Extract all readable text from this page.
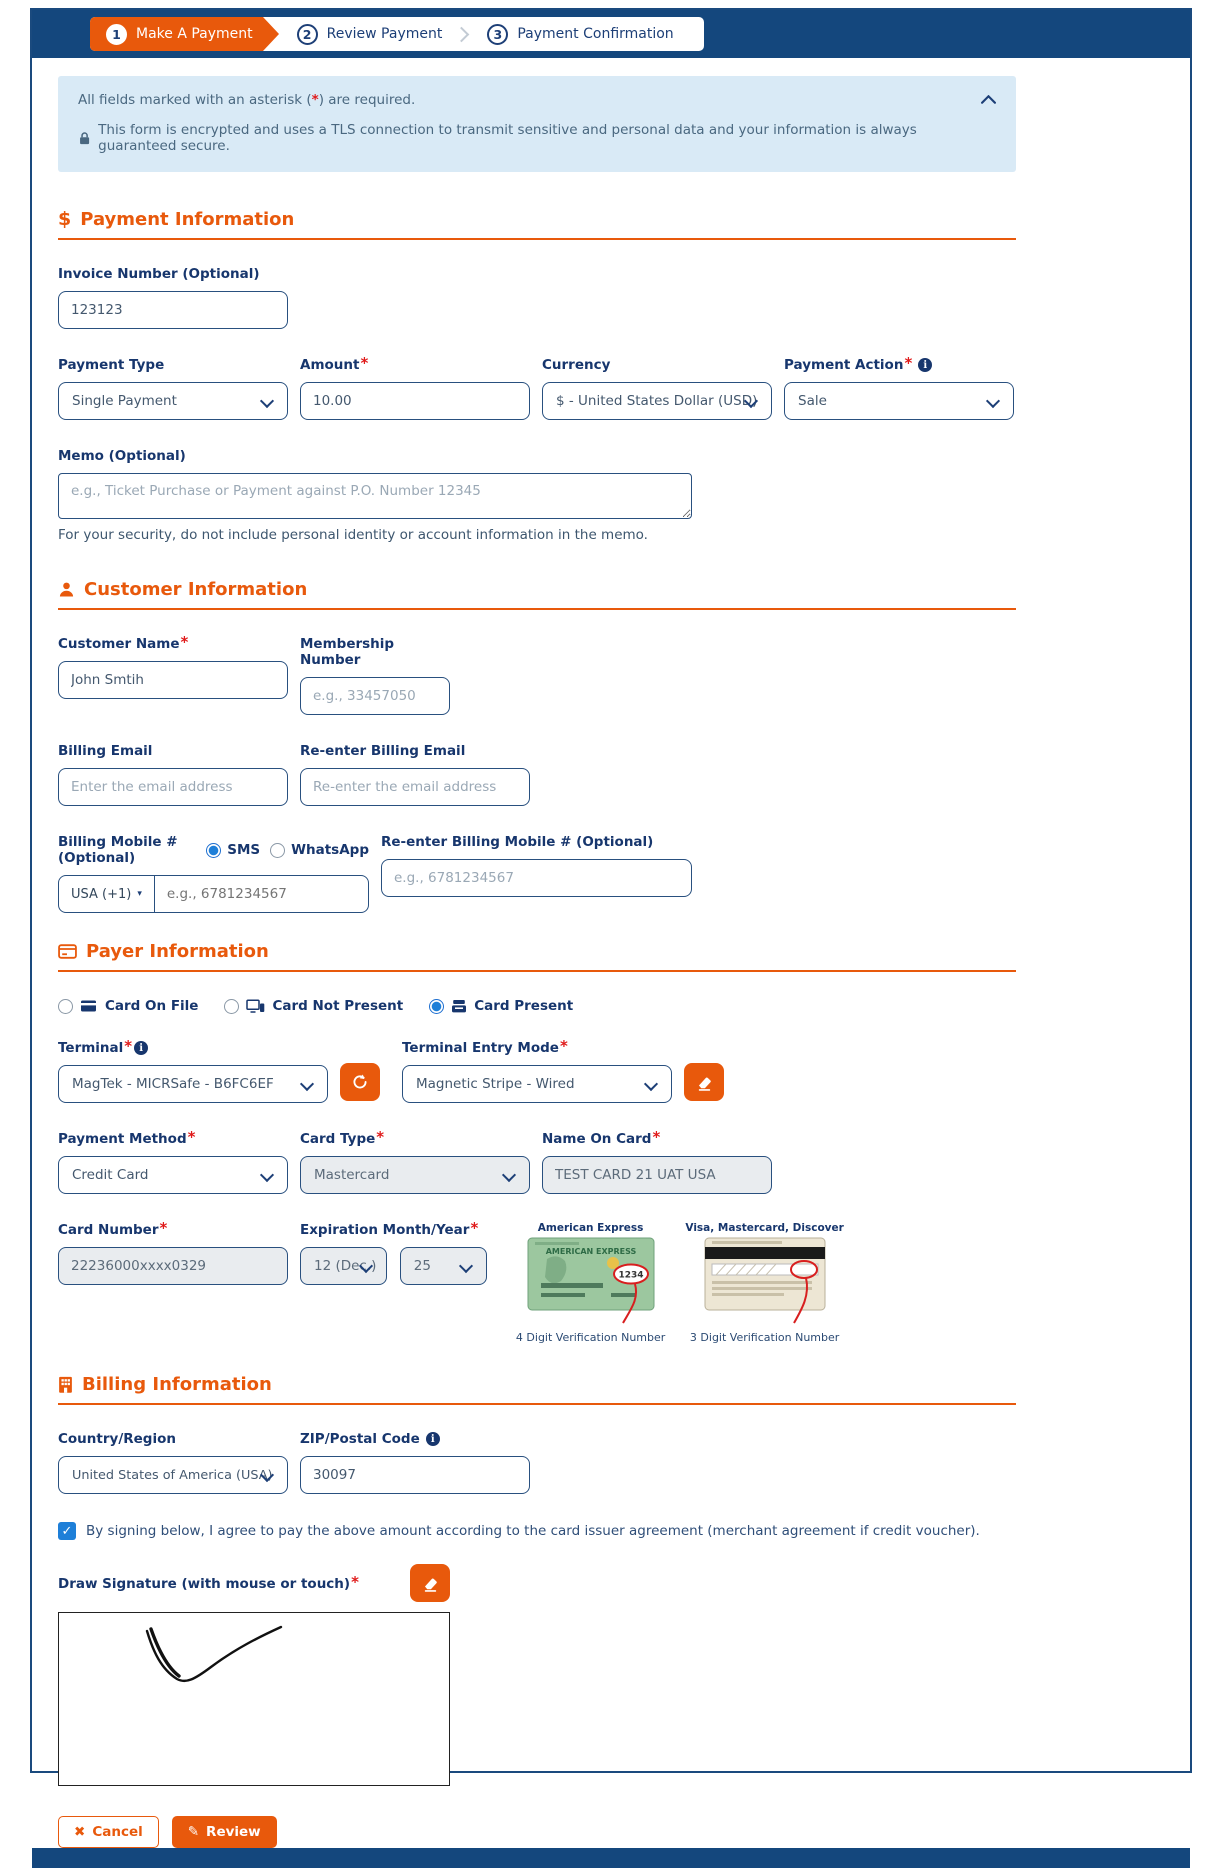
1	Make A Payment	2	Review Payment	3	Payment Confirmation
All fields marked with an asterisk (*) are required.
This form is encrypted and uses a TLS connection to transmit sensitive and personal data and your information is always guaranteed secure.
$ Payment Information
Invoice Number (Optional)
123123
Payment Type
Single Payment
Amount *
10.00	Currency
$ - United States Dollar (USD)
Payment Action *	i
Sale
Memo (Optional)
e.g., Ticket Purchase or Payment against P.O. Number 12345
For your security, do not include personal identity or account information in the memo.
Customer Information
Customer Name *
John Smtih	Membership Number
e.g., 33457050
Billing Email
Enter the email address	Re-enter Billing Email
Re-enter the email address
Billing Mobile # (Optional)	SMS WhatsApp
USA (+1) ▾
e.g., 6781234567
Re-enter Billing Mobile # (Optional)
e.g., 6781234567
Payer Information
Card On File	Card Not Present	Card Present
Terminal * i
MagTek - MICRSafe - B6FC6EF
Terminal Entry Mode *
Magnetic Stripe - Wired
Payment Method *
Credit Card
Card Type *
Mastercard
Name On Card *
TEST CARD 21 UAT USA
Card Number *
22236000xxxx0329	Expiration Month/Year *
12 (Dec.)	25
American Express
AMERICAN EXPRESS
1234
4 Digit Verification Number
Visa, Mastercard, Discover
3 Digit Verification Number
Billing Information
Country/Region
United States of America (USA)
ZIP/Postal Code	i
30097
✓ By signing below, I agree to pay the above amount according to the card issuer agreement (merchant agreement if credit voucher).
Draw Signature (with mouse or touch) *
✖ Cancel	✎ Review
